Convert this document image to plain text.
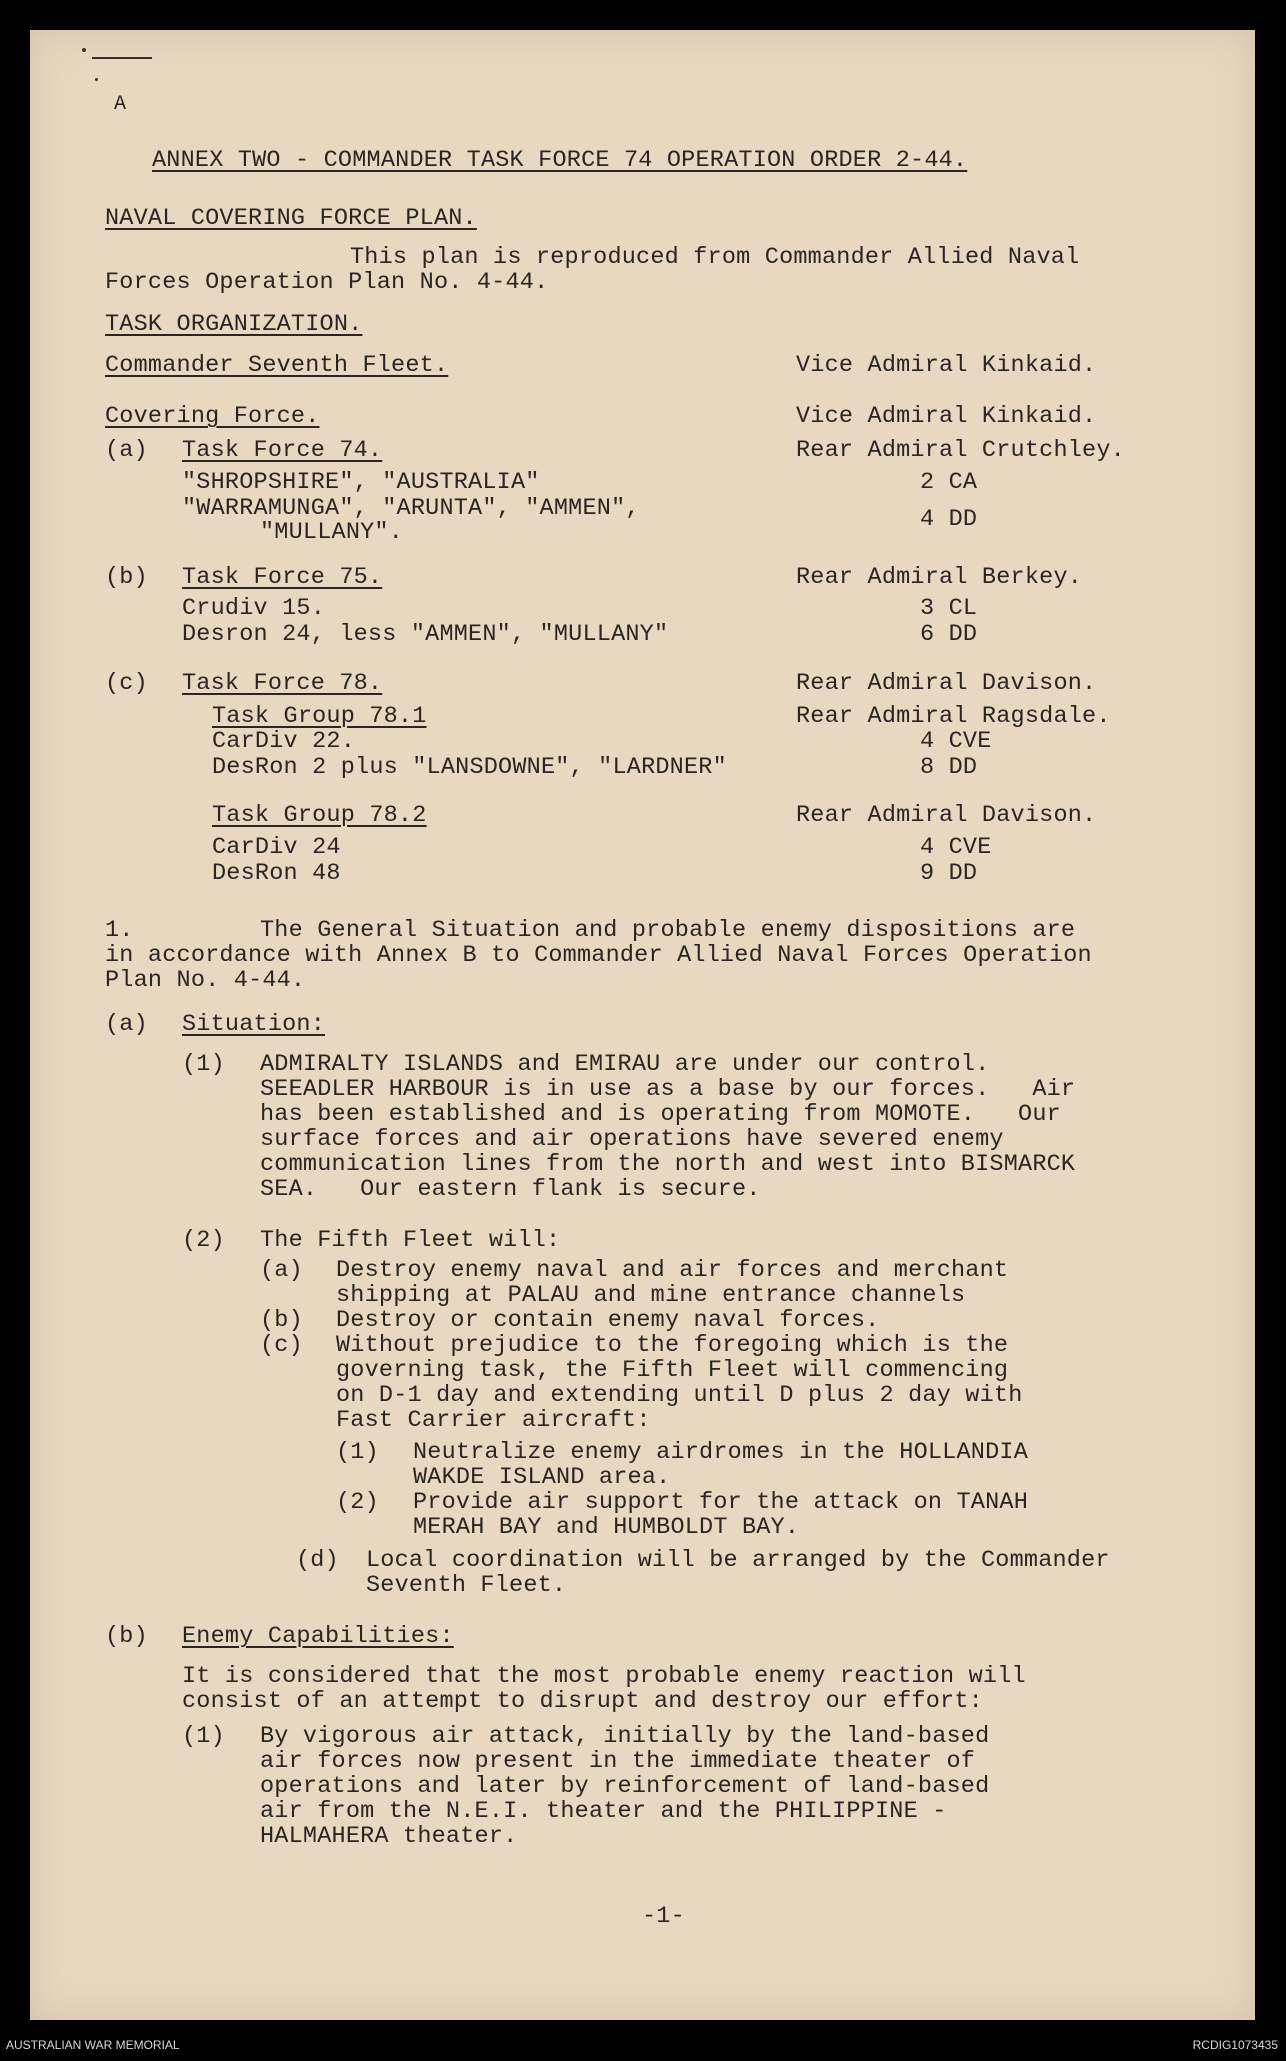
A
ANNEX TWO - COMMANDER TASK FORCE 74 OPERATION ORDER 2-44.
NAVAL COVERING FORCE PLAN.
This plan is reproduced from Commander Allied Naval
Forces Operation Plan No. 4-44.
TASK ORGANIZATION.
Commander Seventh Fleet.	Vice Admiral Kinkaid.
Covering Force.	Vice Admiral Kinkaid.
(a) Task Force 74.	Rear Admiral Crutchley.
"SHROPSHIRE", "AUSTRALIA"	2 CA
"WARRAMUNGA", "ARUNTA", "AMMEN",
"MULLANY".	4 DD
(b) Task Force 75.	Rear Admiral Berkey.
Crudiv 15.	3 CL
Desron 24, less "AMMEN", "MULLANY"	6 DD
(c) Task Force 78.	Rear Admiral Davison.
Task Group 78.1	Rear Admiral Ragsdale.
CarDiv 22.	4 CVE
DesRon 2 plus "LANSDOWNE", "LARDNER"	8 DD
Task Group 78.2	Rear Admiral Davison.
CarDiv 24	4 CVE
DesRon 48	9 DD
1.	The General Situation and probable enemy dispositions are
in accordance with Annex B to Commander Allied Naval Forces Operation
Plan No. 4-44.
(a) Situation:
(1) ADMIRALTY ISLANDS and EMIRAU are under our control.
SEEADLER HARBOUR is in use as a base by our forces.   Air
has been established and is operating from MOMOTE.   Our
surface forces and air operations have severed enemy
communication lines from the north and west into BISMARCK
SEA.   Our eastern flank is secure.
(2) The Fifth Fleet will:
(a) Destroy enemy naval and air forces and merchant
shipping at PALAU and mine entrance channels
(b) Destroy or contain enemy naval forces.
(c) Without prejudice to the foregoing which is the
governing task, the Fifth Fleet will commencing
on D-1 day and extending until D plus 2 day with
Fast Carrier aircraft:
(1) Neutralize enemy airdromes in the HOLLANDIA
WAKDE ISLAND area.
(2) Provide air support for the attack on TANAH
MERAH BAY and HUMBOLDT BAY.
(d) Local coordination will be arranged by the Commander
Seventh Fleet.
(b) Enemy Capabilities:
It is considered that the most probable enemy reaction will
consist of an attempt to disrupt and destroy our effort:
(1) By vigorous air attack, initially by the land-based
air forces now present in the immediate theater of
operations and later by reinforcement of land-based
air from the N.E.I. theater and the PHILIPPINE -
HALMAHERA theater.
-1-
AUSTRALIAN WAR MEMORIAL	RCDIG1073435
